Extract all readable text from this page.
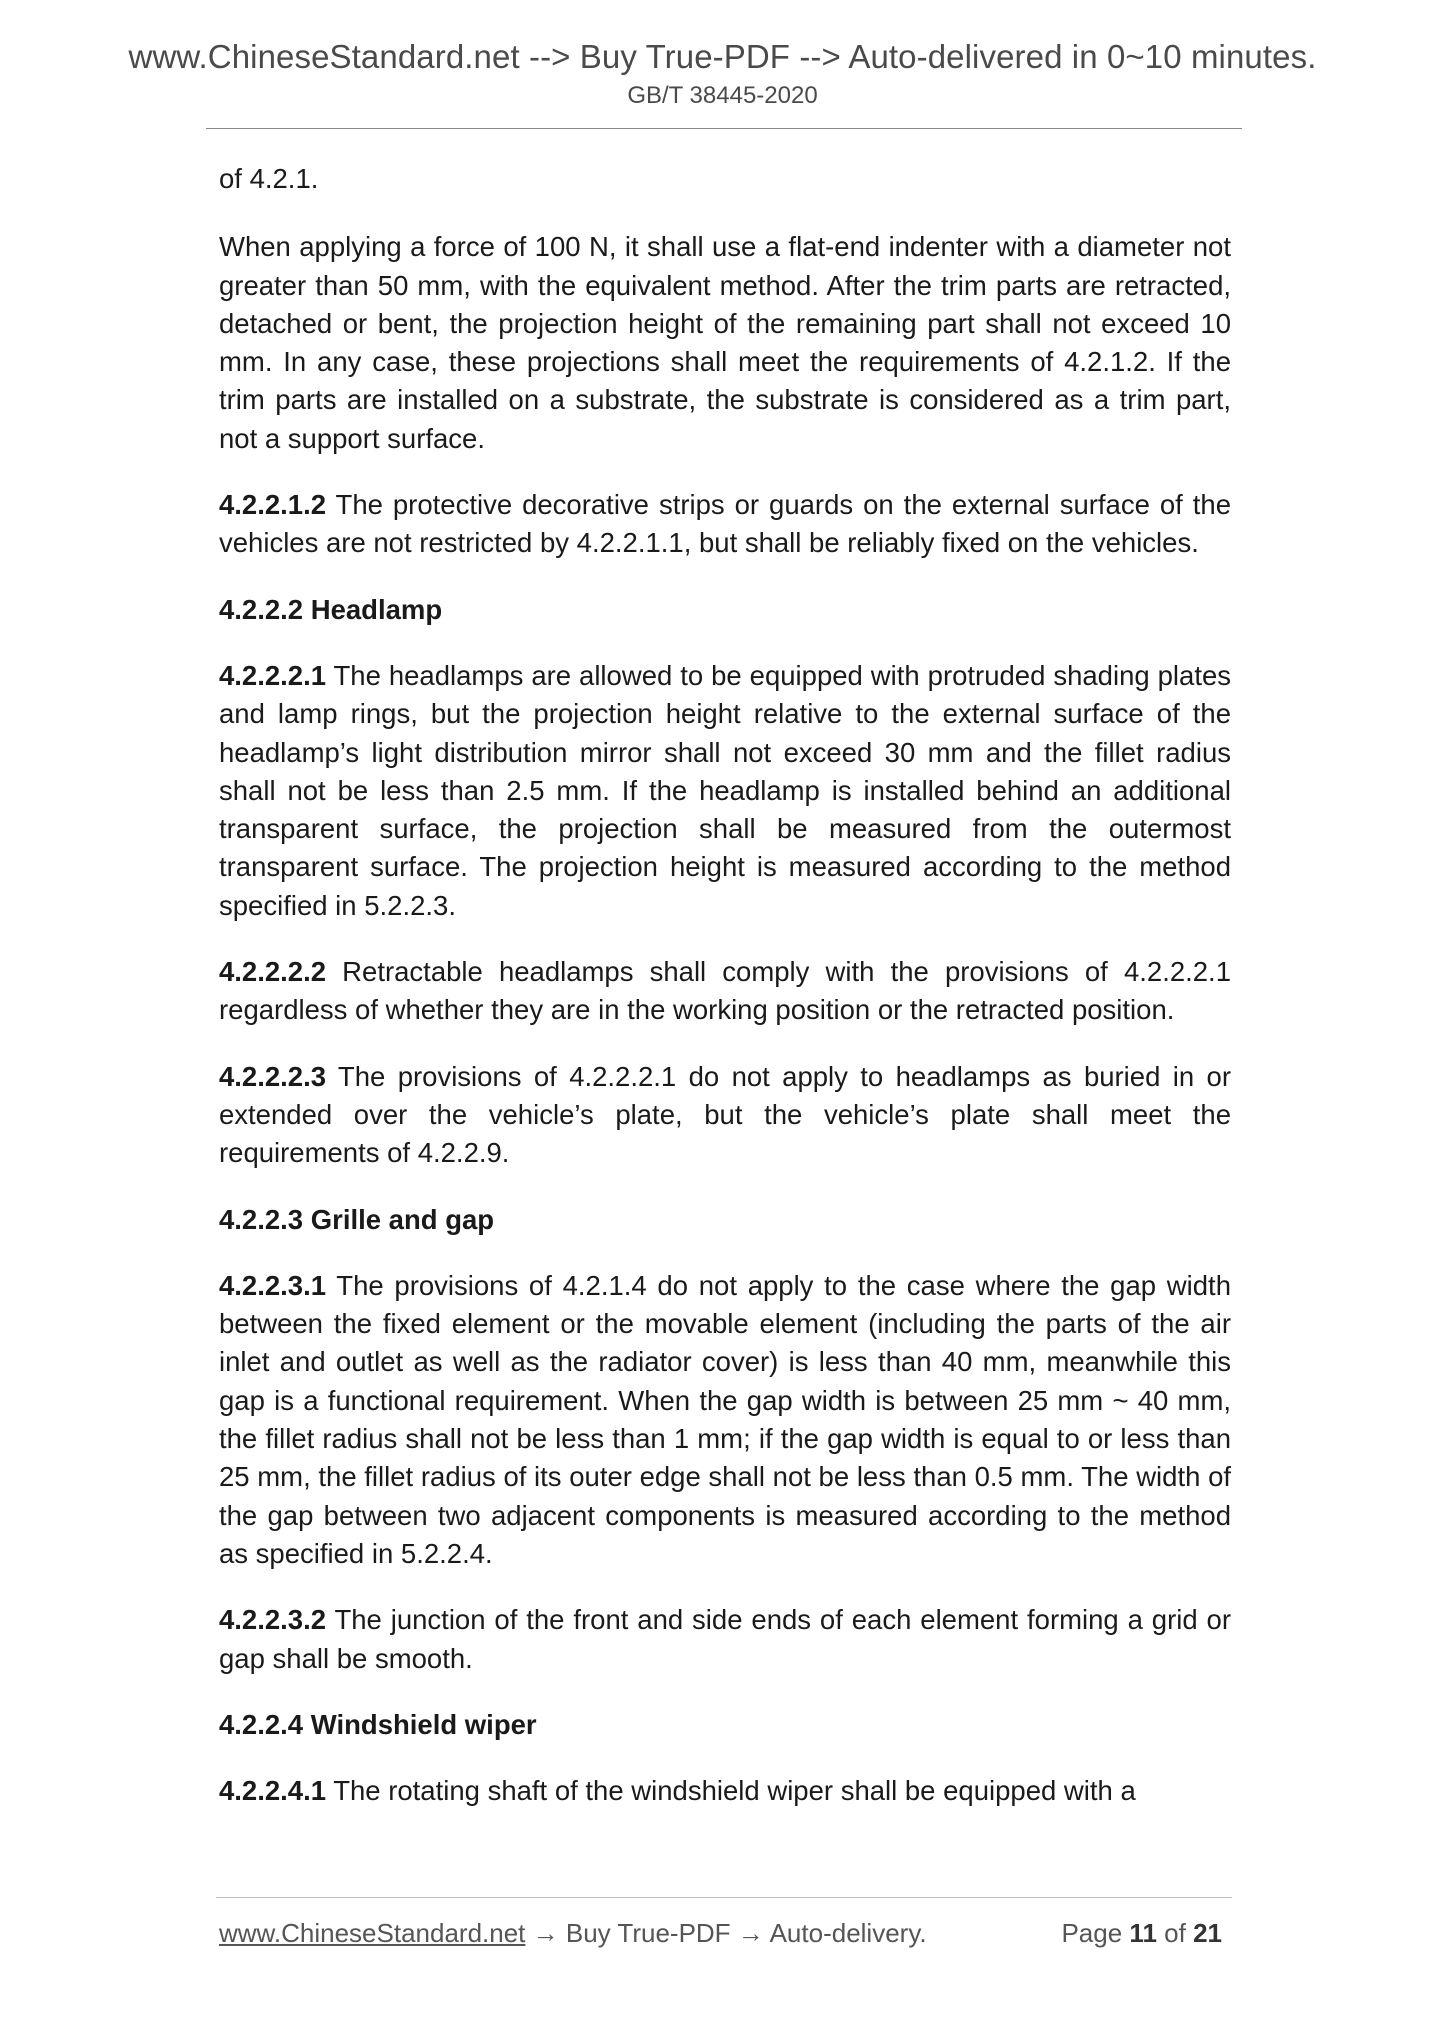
www.ChineseStandard.net --> Buy True-PDF --> Auto-delivered in 0~10 minutes.
GB/T 38445-2020

of 4.2.1.

When applying a force of 100 N, it shall use a flat-end indenter with a diameter not greater than 50 mm, with the equivalent method. After the trim parts are retracted, detached or bent, the projection height of the remaining part shall not exceed 10 mm. In any case, these projections shall meet the requirements of 4.2.1.2. If the trim parts are installed on a substrate, the substrate is considered as a trim part, not a support surface.

4.2.2.1.2 The protective decorative strips or guards on the external surface of the vehicles are not restricted by 4.2.2.1.1, but shall be reliably fixed on the vehicles.

4.2.2.2 Headlamp

4.2.2.2.1 The headlamps are allowed to be equipped with protruded shading plates and lamp rings, but the projection height relative to the external surface of the headlamp’s light distribution mirror shall not exceed 30 mm and the fillet radius shall not be less than 2.5 mm. If the headlamp is installed behind an additional transparent surface, the projection shall be measured from the outermost transparent surface. The projection height is measured according to the method specified in 5.2.2.3.

4.2.2.2.2 Retractable headlamps shall comply with the provisions of 4.2.2.2.1 regardless of whether they are in the working position or the retracted position.

4.2.2.2.3 The provisions of 4.2.2.2.1 do not apply to headlamps as buried in or extended over the vehicle’s plate, but the vehicle’s plate shall meet the requirements of 4.2.2.9.

4.2.2.3 Grille and gap

4.2.2.3.1 The provisions of 4.2.1.4 do not apply to the case where the gap width between the fixed element or the movable element (including the parts of the air inlet and outlet as well as the radiator cover) is less than 40 mm, meanwhile this gap is a functional requirement. When the gap width is between 25 mm ~ 40 mm, the fillet radius shall not be less than 1 mm; if the gap width is equal to or less than 25 mm, the fillet radius of its outer edge shall not be less than 0.5 mm. The width of the gap between two adjacent components is measured according to the method as specified in 5.2.2.4.

4.2.2.3.2 The junction of the front and side ends of each element forming a grid or gap shall be smooth.

4.2.2.4 Windshield wiper

4.2.2.4.1 The rotating shaft of the windshield wiper shall be equipped with a

www.ChineseStandard.net → Buy True-PDF → Auto-delivery.	Page 11 of 21
